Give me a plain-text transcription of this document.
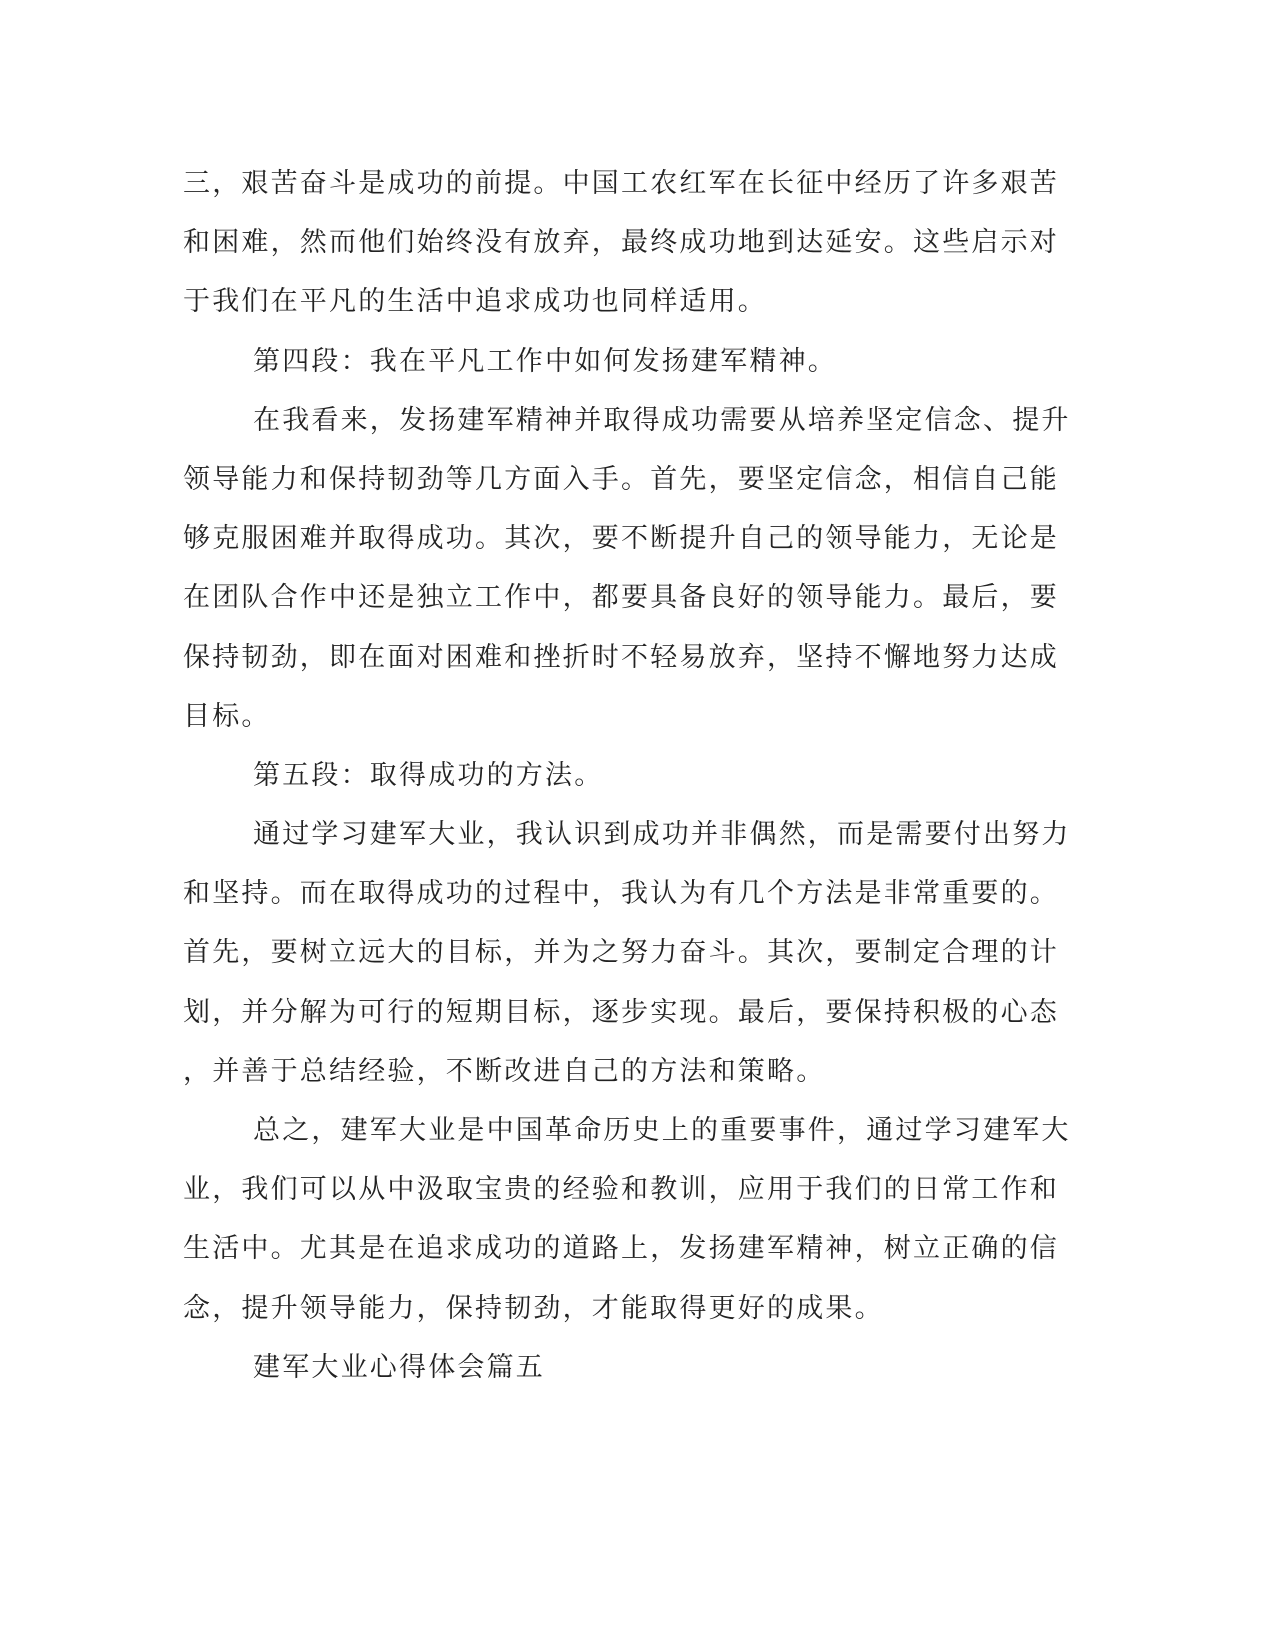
三，艰苦奋斗是成功的前提。中国工农红军在长征中经历了许多艰苦
和困难，然而他们始终没有放弃，最终成功地到达延安。这些启示对
于我们在平凡的生活中追求成功也同样适用。
第四段：我在平凡工作中如何发扬建军精神。
在我看来，发扬建军精神并取得成功需要从培养坚定信念、提升
领导能力和保持韧劲等几方面入手。首先，要坚定信念，相信自己能
够克服困难并取得成功。其次，要不断提升自己的领导能力，无论是
在团队合作中还是独立工作中，都要具备良好的领导能力。最后，要
保持韧劲，即在面对困难和挫折时不轻易放弃，坚持不懈地努力达成
目标。
第五段：取得成功的方法。
通过学习建军大业，我认识到成功并非偶然，而是需要付出努力
和坚持。而在取得成功的过程中，我认为有几个方法是非常重要的。
首先，要树立远大的目标，并为之努力奋斗。其次，要制定合理的计
划，并分解为可行的短期目标，逐步实现。最后，要保持积极的心态
，并善于总结经验，不断改进自己的方法和策略。
总之，建军大业是中国革命历史上的重要事件，通过学习建军大
业，我们可以从中汲取宝贵的经验和教训，应用于我们的日常工作和
生活中。尤其是在追求成功的道路上，发扬建军精神，树立正确的信
念，提升领导能力，保持韧劲，才能取得更好的成果。
建军大业心得体会篇五
